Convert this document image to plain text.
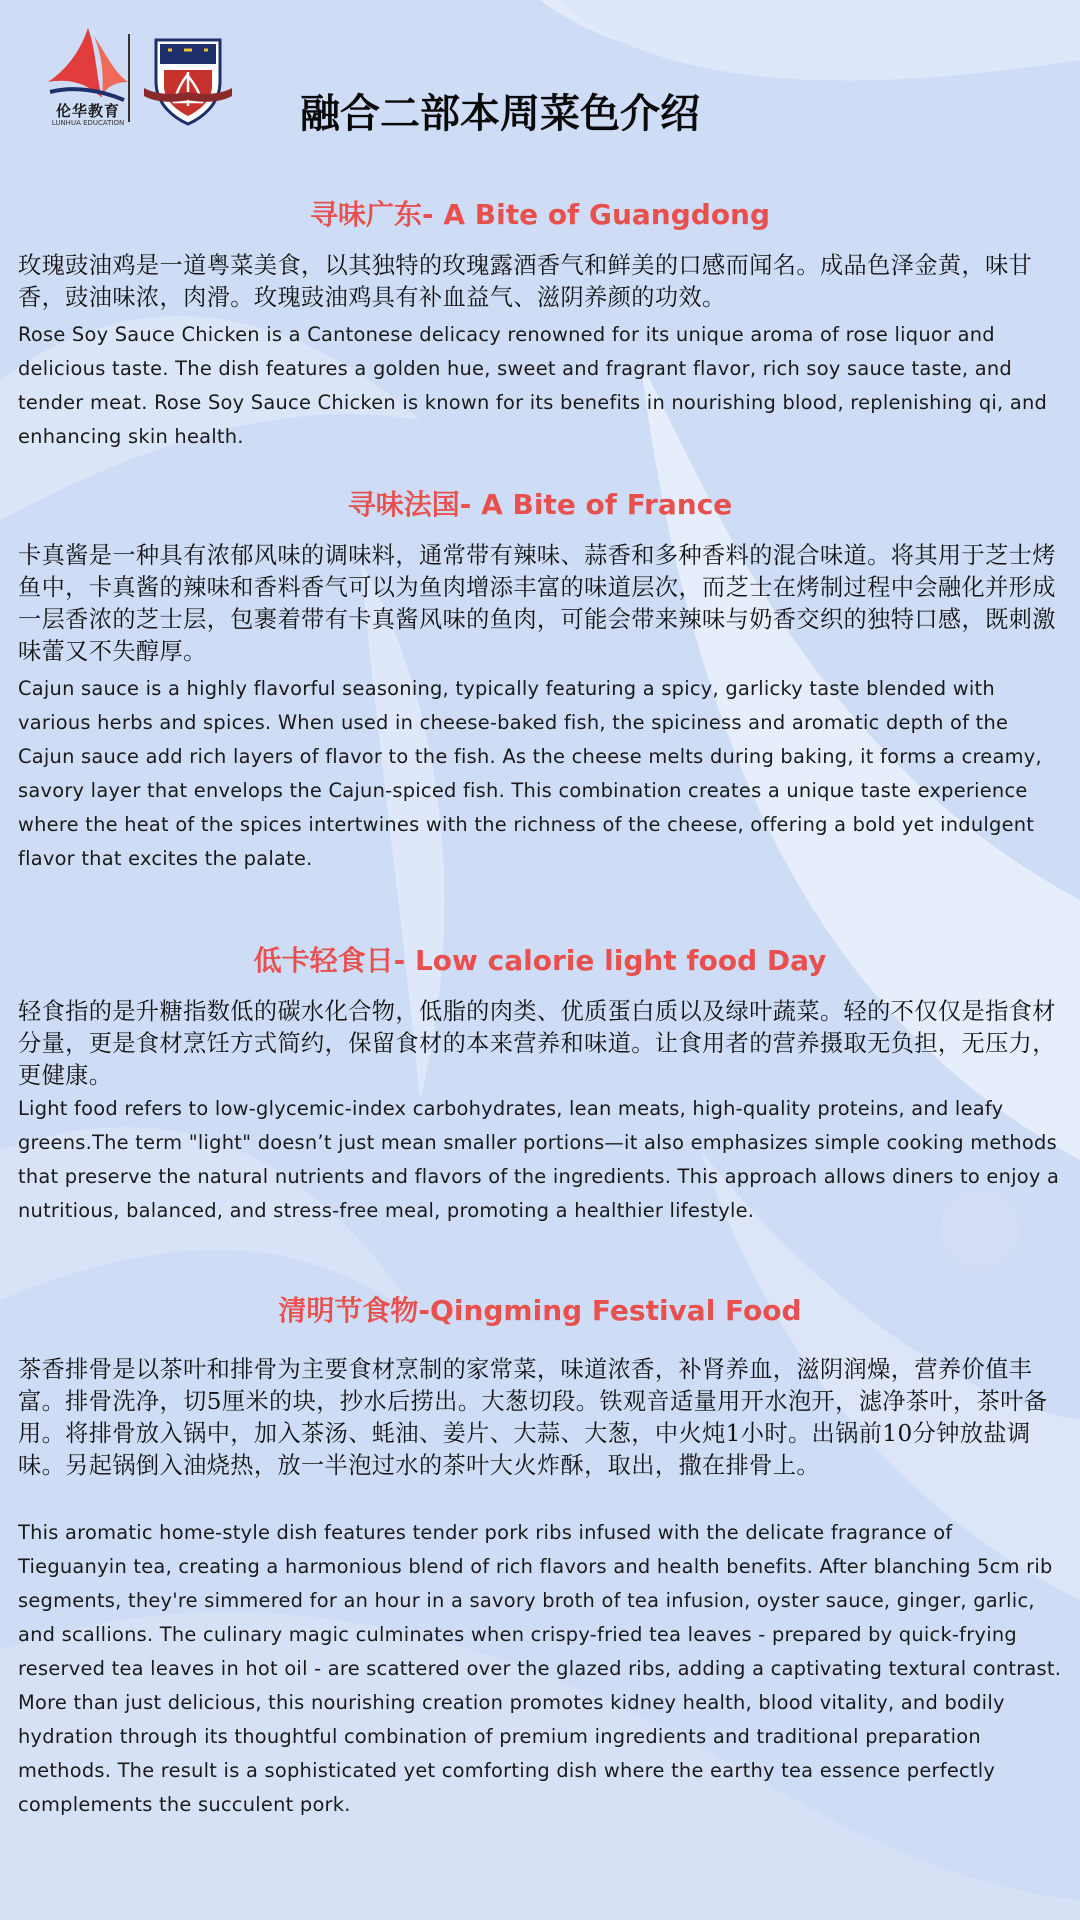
伦华教育
LUNHUA EDUCATION	融合二部本周菜色介绍
寻味广东- A Bite of Guangdong
玫瑰豉油鸡是一道粤菜美食，以其独特的玫瑰露酒香气和鲜美的口感而闻名。成品色泽金黄，味甘香，豉油味浓，肉滑。玫瑰豉油鸡具有补血益气、滋阴养颜的功效。
Rose Soy Sauce Chicken is a Cantonese delicacy renowned for its unique aroma of rose liquor and delicious taste. The dish features a golden hue, sweet and fragrant flavor, rich soy sauce taste, and tender meat. Rose Soy Sauce Chicken is known for its benefits in nourishing blood, replenishing qi, and enhancing skin health.
寻味法国- A Bite of France
卡真酱是一种具有浓郁风味的调味料，通常带有辣味、蒜香和多种香料的混合味道。将其用于芝士烤鱼中，卡真酱的辣味和香料香气可以为鱼肉增添丰富的味道层次，而芝士在烤制过程中会融化并形成一层香浓的芝士层，包裹着带有卡真酱风味的鱼肉，可能会带来辣味与奶香交织的独特口感，既刺激味蕾又不失醇厚。
Cajun sauce is a highly flavorful seasoning, typically featuring a spicy, garlicky taste blended with various herbs and spices. When used in cheese-baked fish, the spiciness and aromatic depth of the Cajun sauce add rich layers of flavor to the fish. As the cheese melts during baking, it forms a creamy, savory layer that envelops the Cajun-spiced fish. This combination creates a unique taste experience where the heat of the spices intertwines with the richness of the cheese, offering a bold yet indulgent flavor that excites the palate.
低卡轻食日- Low calorie light food Day
轻食指的是升糖指数低的碳水化合物，低脂的肉类、优质蛋白质以及绿叶蔬菜。轻的不仅仅是指食材分量，更是食材烹饪方式简约，保留食材的本来营养和味道。让食用者的营养摄取无负担，无压力，更健康。
Light food refers to low-glycemic-index carbohydrates, lean meats, high-quality proteins, and leafy greens.The term "light" doesn’t just mean smaller portions—it also emphasizes simple cooking methods that preserve the natural nutrients and flavors of the ingredients. This approach allows diners to enjoy a nutritious, balanced, and stress-free meal, promoting a healthier lifestyle.
清明节食物-Qingming Festival Food
茶香排骨是以茶叶和排骨为主要食材烹制的家常菜，味道浓香，补肾养血，滋阴润燥，营养价值丰富。排骨洗净，切5厘米的块，抄水后捞出。大葱切段。铁观音适量用开水泡开，滤净茶叶，茶叶备用。将排骨放入锅中，加入茶汤、蚝油、姜片、大蒜、大葱，中火炖1小时。出锅前10分钟放盐调味。另起锅倒入油烧热，放一半泡过水的茶叶大火炸酥，取出，撒在排骨上。
This aromatic home-style dish features tender pork ribs infused with the delicate fragrance of Tieguanyin tea, creating a harmonious blend of rich flavors and health benefits. After blanching 5cm rib segments, they're simmered for an hour in a savory broth of tea infusion, oyster sauce, ginger, garlic, and scallions. The culinary magic culminates when crispy-fried tea leaves - prepared by quick-frying reserved tea leaves in hot oil - are scattered over the glazed ribs, adding a captivating textural contrast. More than just delicious, this nourishing creation promotes kidney health, blood vitality, and bodily hydration through its thoughtful combination of premium ingredients and traditional preparation methods. The result is a sophisticated yet comforting dish where the earthy tea essence perfectly complements the succulent pork.
